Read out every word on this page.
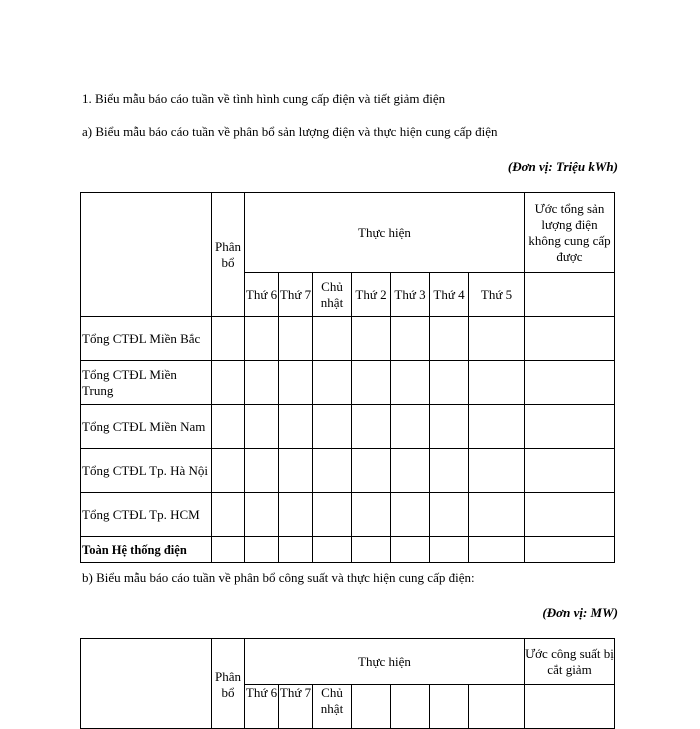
1. Biểu mẫu báo cáo tuần về tình hình cung cấp điện và tiết giảm điện
a) Biểu mẫu báo cáo tuần về phân bổ sản lượng điện và thực hiện cung cấp điện
(Đơn vị: Triệu kWh)
	Phân bổ	Thực hiện							Ước tổng sản lượng điện không cung cấp được
		Thứ 6	Thứ 7	Chủ nhật	Thứ 2	Thứ 3	Thứ 4	Thứ 5	
Tổng CTĐL Miền Bắc									
Tổng CTĐL Miền Trung									
Tổng CTĐL Miền Nam									
Tổng CTĐL Tp. Hà Nội									
Tổng CTĐL Tp. HCM									
Toàn Hệ thống điện									
b) Biểu mẫu báo cáo tuần về phân bổ công suất và thực hiện cung cấp điện:
(Đơn vị: MW)
	Phân bổ	Thực hiện							Ước công suất bị cắt giảm
		Thứ 6	Thứ 7	Chủ nhật					
